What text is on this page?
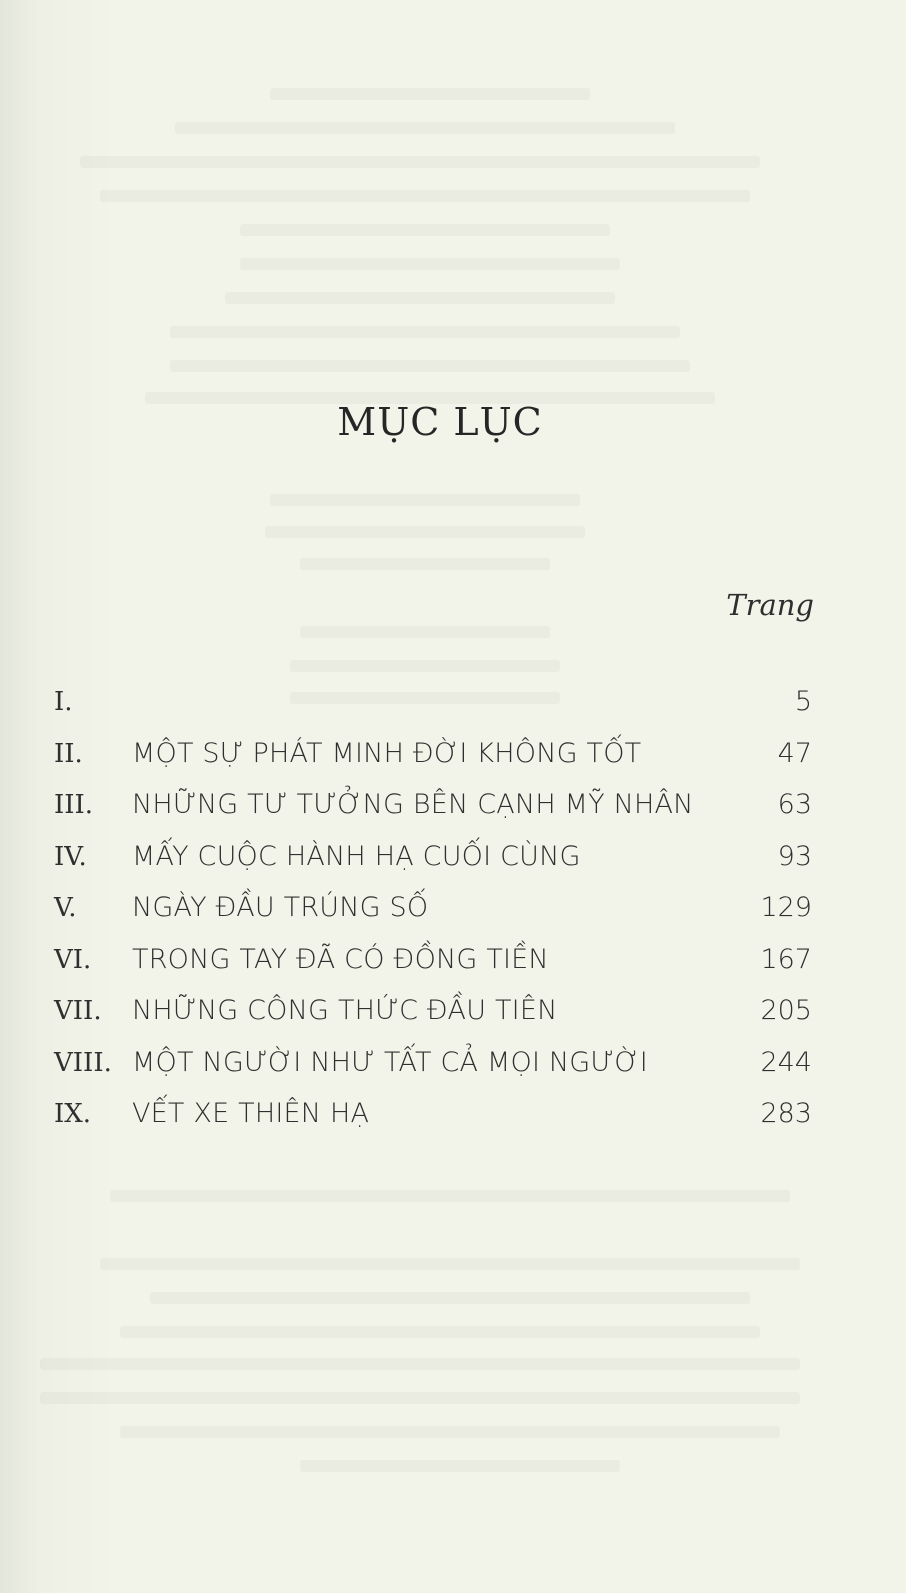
MỤC LỤC
Trang
I.	5
II.	MỘT SỰ PHÁT MINH ĐỜI KHÔNG TỐT	47
III.	NHỮNG TƯ TƯỞNG BÊN CẠNH MỸ NHÂN	63
IV.	MẤY CUỘC HÀNH HẠ CUỐI CÙNG	93
V.	NGÀY ĐẦU TRÚNG SỐ	129
VI.	TRONG TAY ĐÃ CÓ ĐỒNG TIỀN	167
VII.	NHỮNG CÔNG THỨC ĐẦU TIÊN	205
VIII. MỘT NGƯỜI NHƯ TẤT CẢ MỌI NGƯỜI	244
IX.	VẾT XE THIÊN HẠ	283
